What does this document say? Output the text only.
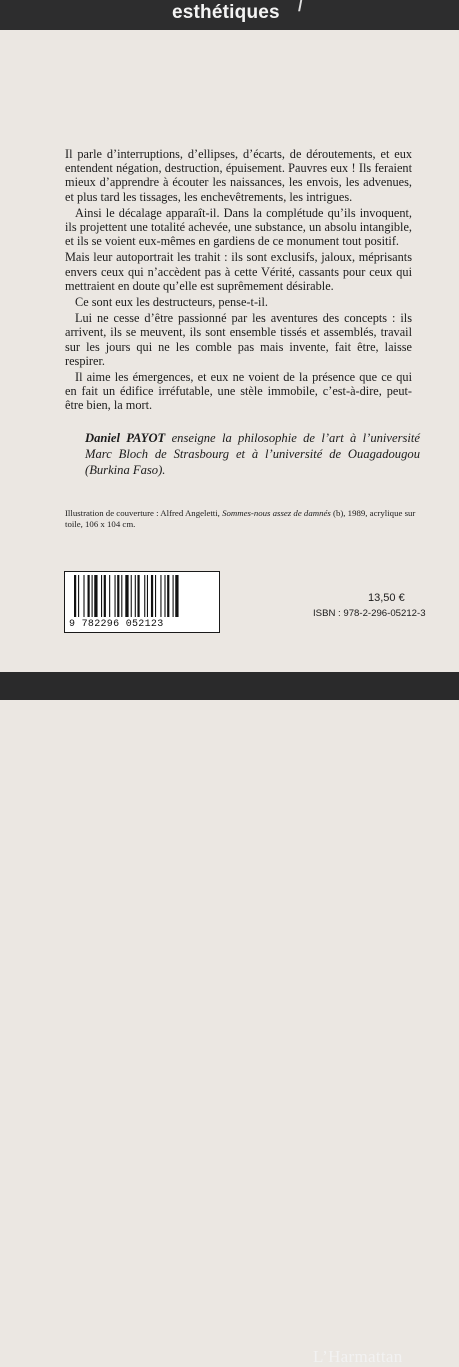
esthétiques /

Il parle d’interruptions, d’ellipses, d’écarts, de déroutements, et eux entendent négation, destruction, épuisement. Pauvres eux ! Ils feraient mieux d’apprendre à écouter les naissances, les envois, les advenues, et plus tard les tissages, les enchevêtrements, les intrigues.

Ainsi le décalage apparaît-il. Dans la complétude qu’ils invoquent, ils projettent une totalité achevée, une substance, un absolu intangible, et ils se voient eux-mêmes en gardiens de ce monument tout positif.

Mais leur autoportrait les trahit : ils sont exclusifs, jaloux, méprisants envers ceux qui n’accèdent pas à cette Vérité, cassants pour ceux qui mettraient en doute qu’elle est suprêmement désirable.

Ce sont eux les destructeurs, pense-t-il.

Lui ne cesse d’être passionné par les aventures des concepts : ils arrivent, ils se meuvent, ils sont ensemble tissés et assemblés, travail sur les jours qui ne les comble pas mais invente, fait être, laisse respirer.

Il aime les émergences, et eux ne voient de la présence que ce qui en fait un édifice irréfutable, une stèle immobile, c’est-à-dire, peut-être bien, la mort.

Daniel PAYOT enseigne la philosophie de l’art à l’université Marc Bloch de Strasbourg et à l’université de Ouagadougou (Burkina Faso).
Illustration de couverture : Alfred Angeletti, Sommes-nous assez de damnés (b), 1989, acrylique sur toile, 106 x 104 cm.
9 782296 052123
13,50 €
ISBN : 978-2-296-05212-3
L’Harmattan
